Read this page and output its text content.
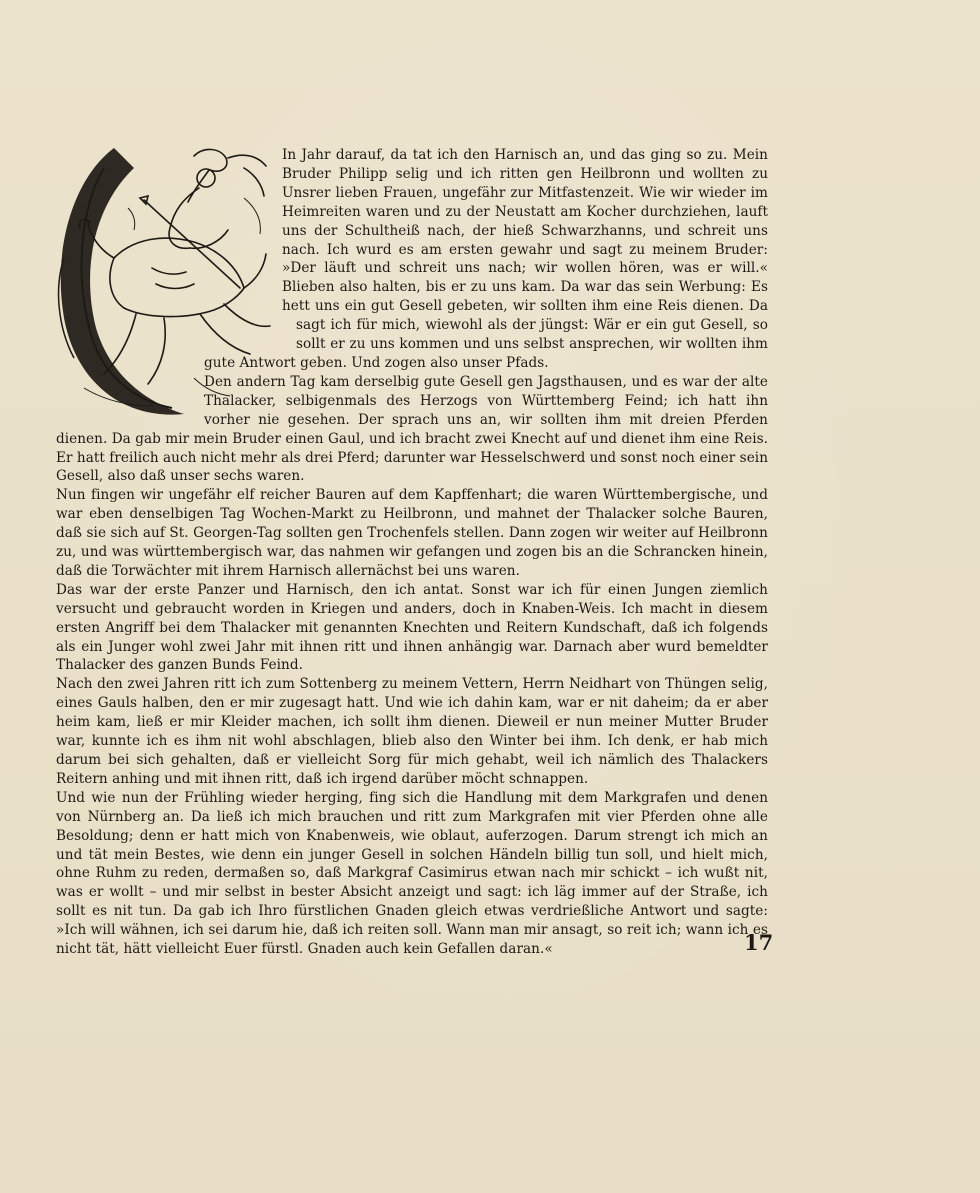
In Jahr darauf, da tat ich den Harnisch an, und das ging so zu. Mein Bruder Philipp selig und ich ritten gen Heilbronn und wollten zu Unsrer lieben Frauen, ungefähr zur Mitfastenzeit. Wie wir wieder im Heimreiten waren und zu der Neustatt am Kocher durchziehen, lauft uns der Schultheiß nach, der hieß Schwarzhanns, und schreit uns nach. Ich wurd es am ersten gewahr und sagt zu meinem Bruder: »Der läuft und schreit uns nach; wir wollen hören, was er will.« Blieben also halten, bis er zu uns kam. Da war das sein Werbung: Es hett uns ein gut Gesell gebeten, wir sollten ihm eine Reis dienen. Da sagt ich für mich, wiewohl als der jüngst: Wär er ein gut Gesell, so sollt er zu uns kommen und uns selbst ansprechen, wir wollten ihm gute Antwort geben. Und zogen also unser Pfads.

Den andern Tag kam derselbig gute Gesell gen Jagsthausen, und es war der alte Thalacker, selbigenmals des Herzogs von Württemberg Feind; ich hatt ihn vorher nie gesehen. Der sprach uns an, wir sollten ihm mit dreien Pferden dienen. Da gab mir mein Bruder einen Gaul, und ich bracht zwei Knecht auf und dienet ihm eine Reis. Er hatt freilich auch nicht mehr als drei Pferd; darunter war Hesselschwerd und sonst noch einer sein Gesell, also daß unser sechs waren.

Nun fingen wir ungefähr elf reicher Bauren auf dem Kapffenhart; die waren Württembergische, und war eben denselbigen Tag Wochen-Markt zu Heilbronn, und mahnet der Thalacker solche Bauren, daß sie sich auf St. Georgen-Tag sollten gen Trochenfels stellen. Dann zogen wir weiter auf Heilbronn zu, und was württembergisch war, das nahmen wir gefangen und zogen bis an die Schrancken hinein, daß die Torwächter mit ihrem Harnisch allernächst bei uns waren.

Das war der erste Panzer und Harnisch, den ich antat. Sonst war ich für einen Jungen ziemlich versucht und gebraucht worden in Kriegen und anders, doch in Knaben-Weis. Ich macht in diesem ersten Angriff bei dem Thalacker mit genannten Knechten und Reitern Kundschaft, daß ich folgends als ein Junger wohl zwei Jahr mit ihnen ritt und ihnen anhängig war. Darnach aber wurd bemeldter Thalacker des ganzen Bunds Feind.

Nach den zwei Jahren ritt ich zum Sottenberg zu meinem Vettern, Herrn Neidhart von Thüngen selig, eines Gauls halben, den er mir zugesagt hatt. Und wie ich dahin kam, war er nit daheim; da er aber heim kam, ließ er mir Kleider machen, ich sollt ihm dienen. Dieweil er nun meiner Mutter Bruder war, kunnte ich es ihm nit wohl abschlagen, blieb also den Winter bei ihm. Ich denk, er hab mich darum bei sich gehalten, daß er vielleicht Sorg für mich gehabt, weil ich nämlich des Thalackers Reitern anhing und mit ihnen ritt, daß ich irgend darüber möcht schnappen.

Und wie nun der Frühling wieder herging, fing sich die Handlung mit dem Markgrafen und denen von Nürnberg an. Da ließ ich mich brauchen und ritt zum Markgrafen mit vier Pferden ohne alle Besoldung; denn er hatt mich von Knabenweis, wie oblaut, auferzogen. Darum strengt ich mich an und tät mein Bestes, wie denn ein junger Gesell in solchen Händeln billig tun soll, und hielt mich, ohne Ruhm zu reden, dermaßen so, daß Markgraf Casimirus etwan nach mir schickt – ich wußt nit, was er wollt – und mir selbst in bester Absicht anzeigt und sagt: ich läg immer auf der Straße, ich sollt es nit tun. Da gab ich Ihro fürstlichen Gnaden gleich etwas verdrießliche Antwort und sagte: »Ich will wähnen, ich sei darum hie, daß ich reiten soll. Wann man mir ansagt, so reit ich; wann ich es nicht tät, hätt vielleicht Euer fürstl. Gnaden auch kein Gefallen daran.«	17
